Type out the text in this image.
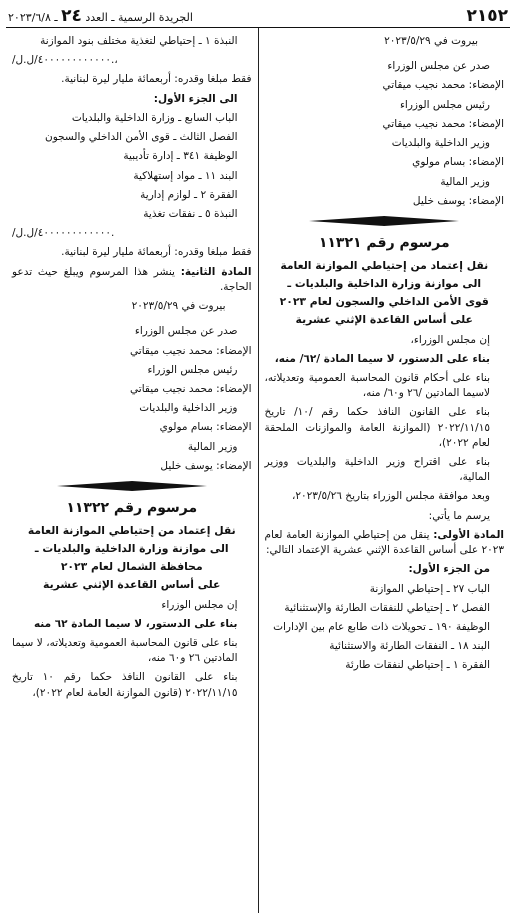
٢١٥٢
الجريدة الرسمية ـ العدد ٢٤ ـ ٢٠٢٣/٦/٨

بيروت في ٢٠٢٣/٥/٢٩

صدر عن مجلس الوزراء

الإمضاء: محمد نجيب ميقاتي

رئيس مجلس الوزراء

الإمضاء: محمد نجيب ميقاتي

وزير الداخلية والبلديات

الإمضاء: بسام مولوي

وزير المالية

الإمضاء: يوسف خليل

مرسوم رقم ١١٣٢١
نقل إعتماد من إحتياطي الموازنة العامة
الى موازنة وزارة الداخلية والبلديات ـ
قوى الأمن الداخلي والسجون لعام ٢٠٢٣
على أساس القاعدة الإثني عشرية

إن مجلس الوزراء،

بناء على الدستور، لا سيما المادة /٦٢/ منه،

بناء على أحكام قانون المحاسبة العمومية وتعديلاته، لاسيما المادتين /٢٦ و٦٠/ منه،

بناء على القانون النافذ حكما رقم /١٠/ تاريخ ٢٠٢٢/١١/١٥ (الموازنة العامة والموازنات الملحقة لعام ٢٠٢٢)،

بناء على اقتراح وزير الداخلية والبلديات ووزير المالية،

وبعد موافقة مجلس الوزراء بتاريخ ٢٠٢٣/٥/٢٦،

يرسم ما يأتي:

المادة الأولى: ينقل من إحتياطي الموازنة العامة لعام ٢٠٢٣ على أساس القاعدة الإثني عشرية الإعتماد التالي:

من الجزء الأول:

الباب ٢٧ ـ إحتياطي الموازنة

الفصل ٢ ـ إحتياطي للنفقات الطارئة والإستثنائية

الوظيفة ١٩٠ ـ تحويلات ذات طابع عام بين الإدارات

البند ١٨ ـ النفقات الطارئة والاستثنائية

الفقرة ١ ـ إحتياطي لنفقات طارئة

النبذة ١ ـ إحتياطي لتغذية مختلف بنود الموازنة

/٤٠٠٠٠٠٠٠٠٠٠٠٠/ل.ل.،

فقط مبلغا وقدره: أربعمائة مليار ليرة لبنانية.

الى الجزء الأول:

الباب السابع ـ وزارة الداخلية والبلديات

الفصل الثالث ـ قوى الأمن الداخلي والسجون

الوظيفة ٣٤١ ـ إدارة تأديبية

البند ١١ ـ مواد إستهلاكية

الفقرة ٢ ـ لوازم إدارية

النبذة ٥ ـ نفقات تغذية

/٤٠٠٠٠٠٠٠٠٠٠٠٠/ل.ل.

فقط مبلغا وقدره: أربعمائة مليار ليرة لبنانية.

المادة الثانية: ينشر هذا المرسوم ويبلغ حيث تدعو الحاجة.

بيروت في ٢٠٢٣/٥/٢٩

صدر عن مجلس الوزراء

الإمضاء: محمد نجيب ميقاتي

رئيس مجلس الوزراء

الإمضاء: محمد نجيب ميقاتي

وزير الداخلية والبلديات

الإمضاء: بسام مولوي

وزير المالية

الإمضاء: يوسف خليل

مرسوم رقم ١١٣٢٢
نقل إعتماد من إحتياطي الموازنة العامة
الى موازنة وزارة الداخلية والبلديات ـ
محافظة الشمال لعام ٢٠٢٣
على أساس القاعدة الإثني عشرية

إن مجلس الوزراء

بناء على الدستور، لا سيما المادة ٦٢ منه

بناء على قانون المحاسبة العمومية وتعديلاته، لا سيما المادتين ٢٦ و٦٠ منه،

بناء على القانون النافذ حكما رقم ١٠ تاريخ ٢٠٢٢/١١/١٥ (قانون الموازنة العامة لعام ٢٠٢٢)،
